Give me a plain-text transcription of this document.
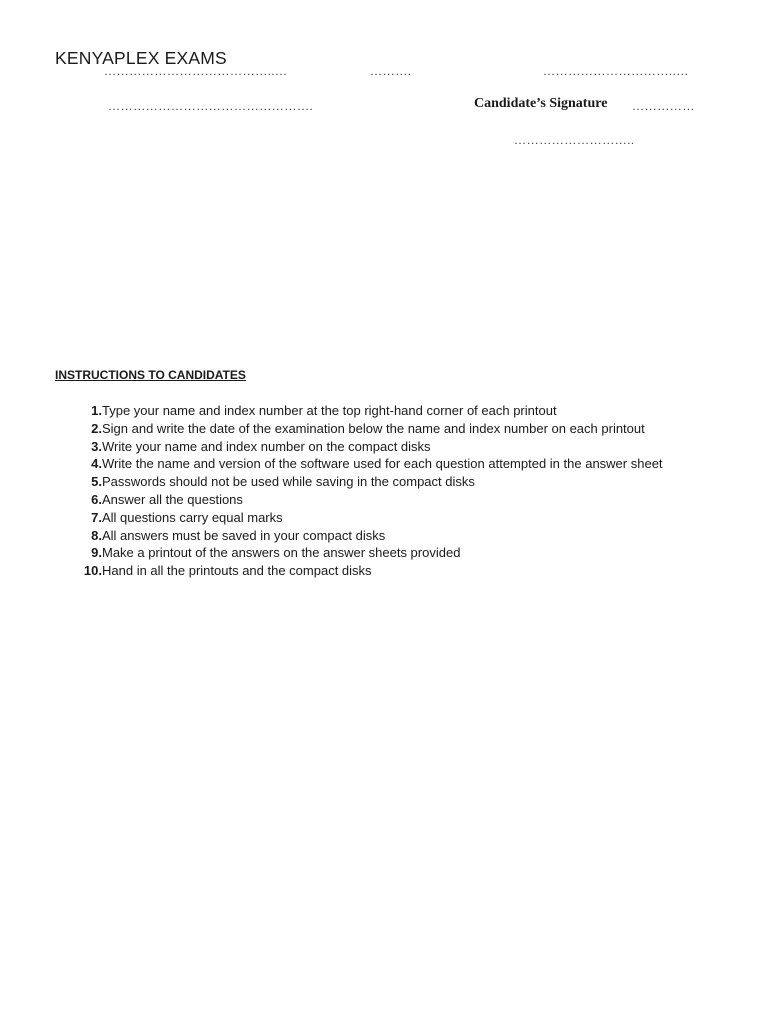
KENYAPLEX EXAMS
…………………………………..…	……….	…………………………..…
………………………………………….	Candidate’s Signature ……………
………………………..
INSTRUCTIONS TO CANDIDATES
1. Type your name and index number at the top right-hand corner of each printout
2. Sign and write the date of the examination below the name and index number on each printout
3. Write your name and index number on the compact disks
4. Write the name and version of the software used for each question attempted in the answer sheet
5. Passwords should not be used while saving in the compact disks
6. Answer all the questions
7. All questions carry equal marks
8. All answers must be saved in your compact disks
9. Make a printout of the answers on the answer sheets provided
10. Hand in all the printouts and the compact disks
